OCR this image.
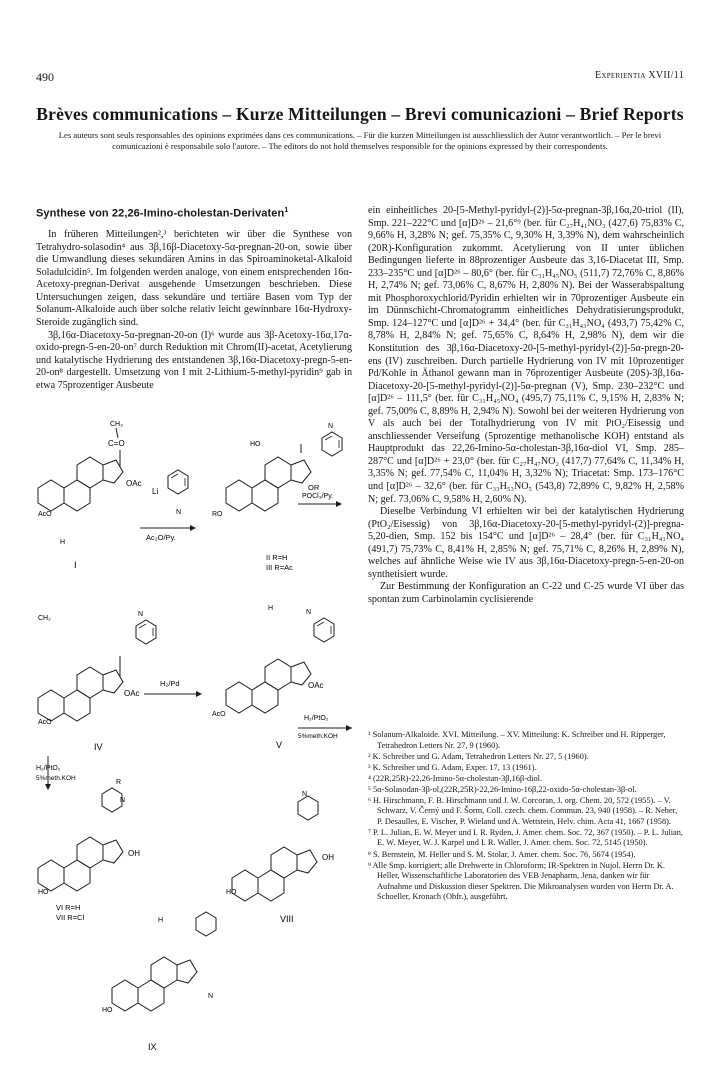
490	Experientia XVII/11
Brèves communications – Kurze Mitteilungen – Brevi comunicazioni – Brief Reports
Les auteurs sont seuls responsables des opinions exprimées dans ces communications. – Für die kurzen Mitteilungen ist ausschliesslich der Autor verantwortlich. – Per le brevi comunicazioni è responsabile solo l'autore. – The editors do not hold themselves responsible for the opinions expressed by their correspondents.
Synthese von 22,26-Imino-cholestan-Derivaten$^1$

In früheren Mitteilungen²,³ berichteten wir über die Synthese von Tetrahydro-solasodin⁴ aus 3β,16β-Diacetoxy-5α-pregnan-20-on, sowie über die Umwandlung dieses sekundären Amins in das Spiroaminoketal-Alkaloid Soladulcidin⁵. Im folgenden werden analoge, von einem entsprechenden 16α-Acetoxy-pregnan-Derivat ausgehende Umsetzungen beschrieben. Diese Untersuchungen zeigen, dass sekundäre und tertiäre Basen vom Typ der Solanum-Alkaloide auch über solche relativ leicht gewinnbare 16α-Hydroxy-Steroide zugänglich sind.

3β,16α-Diacetoxy-5α-pregnan-20-on (I)⁶ wurde aus 3β-Acetoxy-16α,17α-oxido-pregn-5-en-20-on⁷ durch Reduktion mit Chrom(II)-acetat, Acetylierung und katalytische Hydrierung des entstandenen 3β,16α-Diacetoxy-pregn-5-en-20-on⁸ dargestellt. Umsetzung von I mit 2-Lithium-5-methyl-pyridin⁹ gab in etwa 75prozentiger Ausbeute

ein einheitliches 20-[5-Methyl-pyridyl-(2)]-5α-pregnan-3β,16α,20-triol (II), Smp. 221–222°C und [α]D²⁶ – 21,6°⁹ (ber. für C₂₇H₄₁NO₃ (427,6) 75,83% C, 9,66% H, 3,28% N; gef. 75,35% C, 9,30% H, 3,39% N), dem wahrscheinlich (20R)-Konfiguration zukommt. Acetylierung von II unter üblichen Bedingungen lieferte in 88prozentiger Ausbeute das 3,16-Diacetat III, Smp. 233–235°C und [α]D²⁶ – 80,6° (ber. für C₃₁H₄₅NO₅ (511,7) 72,76% C, 8,86% H, 2,74% N; gef. 73,06% C, 8,67% H, 2,80% N). Bei der Wasserabspaltung mit Phosphoroxychlorid/Pyridin erhielten wir in 70prozentiger Ausbeute ein im Dünnschicht-Chromatogramm einheitliches Dehydratisierungsprodukt, Smp. 124–127°C und [α]D²⁶ + 34,4° (ber. für C₃₁H₄₃NO₄ (493,7) 75,42% C, 8,78% H, 2,84% N; gef. 75,65% C, 8,64% H, 2,98% N), dem wir die Konstitution des 3β,16α-Diacetoxy-20-[5-methyl-pyridyl-(2)]-5α-pregn-20-ens (IV) zuschreiben. Durch partielle Hydrierung von IV mit 10prozentiger Pd/Kohle in Äthanol gewann man in 76prozentiger Ausbeute (20S)-3β,16α-Diacetoxy-20-[5-methyl-pyridyl-(2)]-5α-pregnan (V), Smp. 230–232°C und [α]D²⁶ – 111,5° (ber. für C₃₁H₄₅NO₄ (495,7) 75,11% C, 9,15% H, 2,83% N; gef. 75,00% C, 8,89% H, 2,94% N). Sowohl bei der weiteren Hydrierung von V als auch bei der Totalhydrierung von IV mit PtO₂/Eisessig und anschliessender Verseifung (5prozentige methanolische KOH) entstand als Hauptprodukt das 22,26-Imino-5α-cholestan-3β,16α-diol VI, Smp. 285–287°C und [α]D²⁶ + 23,0° (ber. für C₂₇H₄₇NO₂ (417,7) 77,64% C, 11,34% H, 3,35% N; gef. 77,54% C, 11,04% H, 3,32% N); Triacetat: Smp. 173–176°C und [α]D²⁶ – 32,6° (ber. für C₃₃H₅₃NO₅ (543,8) 72,89% C, 9,82% H, 2,58% N; gef. 73,06% C, 9,58% H, 2,60% N).

Dieselbe Verbindung VI erhielten wir bei der katalytischen Hydrierung (PtO₂/Eisessig) von 3β,16α-Diacetoxy-20-[5-methyl-pyridyl-(2)]-pregna-5,20-dien, Smp. 152 bis 154°C und [α]D²⁶ – 28,4° (ber. für C₃₁H₄₁NO₄ (491,7) 75,73% C, 8,41% H, 2,85% N; gef. 75,71% C, 8,26% H, 2,89% N), welches auf ähnliche Weise wie IV aus 3β,16α-Diacetoxy-pregn-5-en-20-on synthetisiert wurde.

Zur Bestimmung der Konfiguration an C-22 und C-25 wurde VI über das spontan zum Carbinolamin cyclisierende

¹ Solanum-Alkaloide. XVI. Mitteilung. – XV. Mitteilung: K. Schreiber und H. Ripperger, Tetrahedron Letters Nr. 27, 9 (1960).
² K. Schreiber und G. Adam, Tetrahedron Letters Nr. 27, 5 (1960).
³ K. Schreiber und G. Adam, Exper. 17, 13 (1961).
⁴ (22R,25R)-22,26-Imino-5α-cholestan-3β,16β-diol.
⁵ 5α-Solasodan-3β-ol,(22R,25R)-22,26-Imino-16β,22-oxido-5α-cholestan-3β-ol.
⁶ H. Hirschmann, F. B. Hirschmann und J. W. Corcoran, J. org. Chem. 20, 572 (1955). – V. Schwarz, V. Černý und F. Šorm, Coll. czech. chem. Commun. 23, 940 (1958). – R. Neher, P. Desaulles, E. Vischer, P. Wieland und A. Wettstein, Helv. chim. Acta 41, 1667 (1958).
⁷ P. L. Julian, E. W. Meyer und I. R. Ryden, J. Amer. chem. Soc. 72, 367 (1950). – P. L. Julian, E. W. Meyer, W. J. Karpel und I. R. Waller, J. Amer. chem. Soc. 72, 5145 (1950).
⁸ S. Bernstein, M. Heller und S. M. Stolar, J. Amer. chem. Soc. 76, 5674 (1954).
⁹ Alle Smp. korrigiert; alle Drehwerte in Chloroform; IR-Spektren in Nujol. Herrn Dr. K. Heller, Wissenschaftliche Laboratorien des VEB Jenapharm, Jena, danken wir für Aufnahme und Diskussion dieser Spektren. Die Mikroanalysen wurden von Herrn Dr. A. Schoeller, Kronach (Obfr.), ausgeführt.
C=O
CH₃
OAc
AcO
H
I
Li
N
Ac₂O/Py.
HO
N
OR
RO
II R=H
III R=Ac
POCl₃/Py.
CH₂
N
OAc
AcO
IV
H₂/Pd
H
N
OAc
AcO
V
H₂/PtO₂
5%meth.KOH
H₂/PtO₂
5%meth.KOH
R
N
OH
HO
VI R=H
VII R=Cl
N
OH
HO
VIII
H
N
HO
IX
